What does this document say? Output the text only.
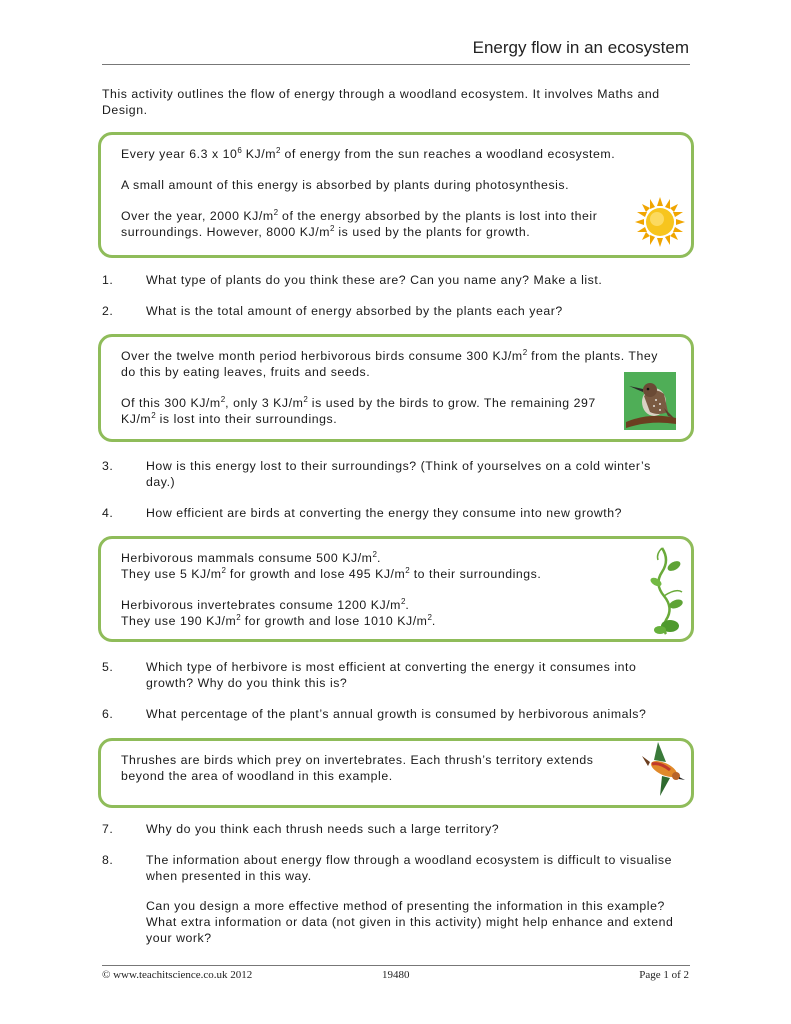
Energy flow in an ecosystem
This activity outlines the flow of energy through a woodland ecosystem. It involves Maths and Design.
Every year 6.3 x $10^6$ $KJ/m^2$ of energy from the sun reaches a woodland ecosystem.
A small amount of this energy is absorbed by plants during photosynthesis.
Over the year, 2000 $KJ/m^2$ of the energy absorbed by the plants is lost into their
surroundings. However, 8000 $KJ/m^2$ is used by the plants for growth.
1.	What type of plants do you think these are? Can you name any? Make a list.
2.	What is the total amount of energy absorbed by the plants each year?
Over the twelve month period herbivorous birds consume 300 $KJ/m^2$ from the plants. They
do this by eating leaves, fruits and seeds.
Of this 300 $KJ/m^2$, only 3 $KJ/m^2$ is used by the birds to grow. The remaining 297
$KJ/m^2$ is lost into their surroundings.
3.	How is this energy lost to their surroundings? (Think of yourselves on a cold winter’s day.)
4.	How efficient are birds at converting the energy they consume into new growth?
Herbivorous mammals consume 500 $KJ/m^2$.
They use 5 $KJ/m^2$ for growth and lose 495 $KJ/m^2$ to their surroundings.
Herbivorous invertebrates consume 1200 $KJ/m^2$.
They use 190 $KJ/m^2$ for growth and lose 1010 $KJ/m^2$.
5.	Which type of herbivore is most efficient at converting the energy it consumes into growth? Why do you think this is?
6.	What percentage of the plant’s annual growth is consumed by herbivorous animals?
Thrushes are birds which prey on invertebrates. Each thrush’s territory extends
beyond the area of woodland in this example.
7.	Why do you think each thrush needs such a large territory?
8.	The information about energy flow through a woodland ecosystem is difficult to visualise when presented in this way.
Can you design a more effective method of presenting the information in this example? What extra information or data (not given in this activity) might help enhance and extend your work?
© www.teachitscience.co.uk 2012	19480	Page 1 of 2
